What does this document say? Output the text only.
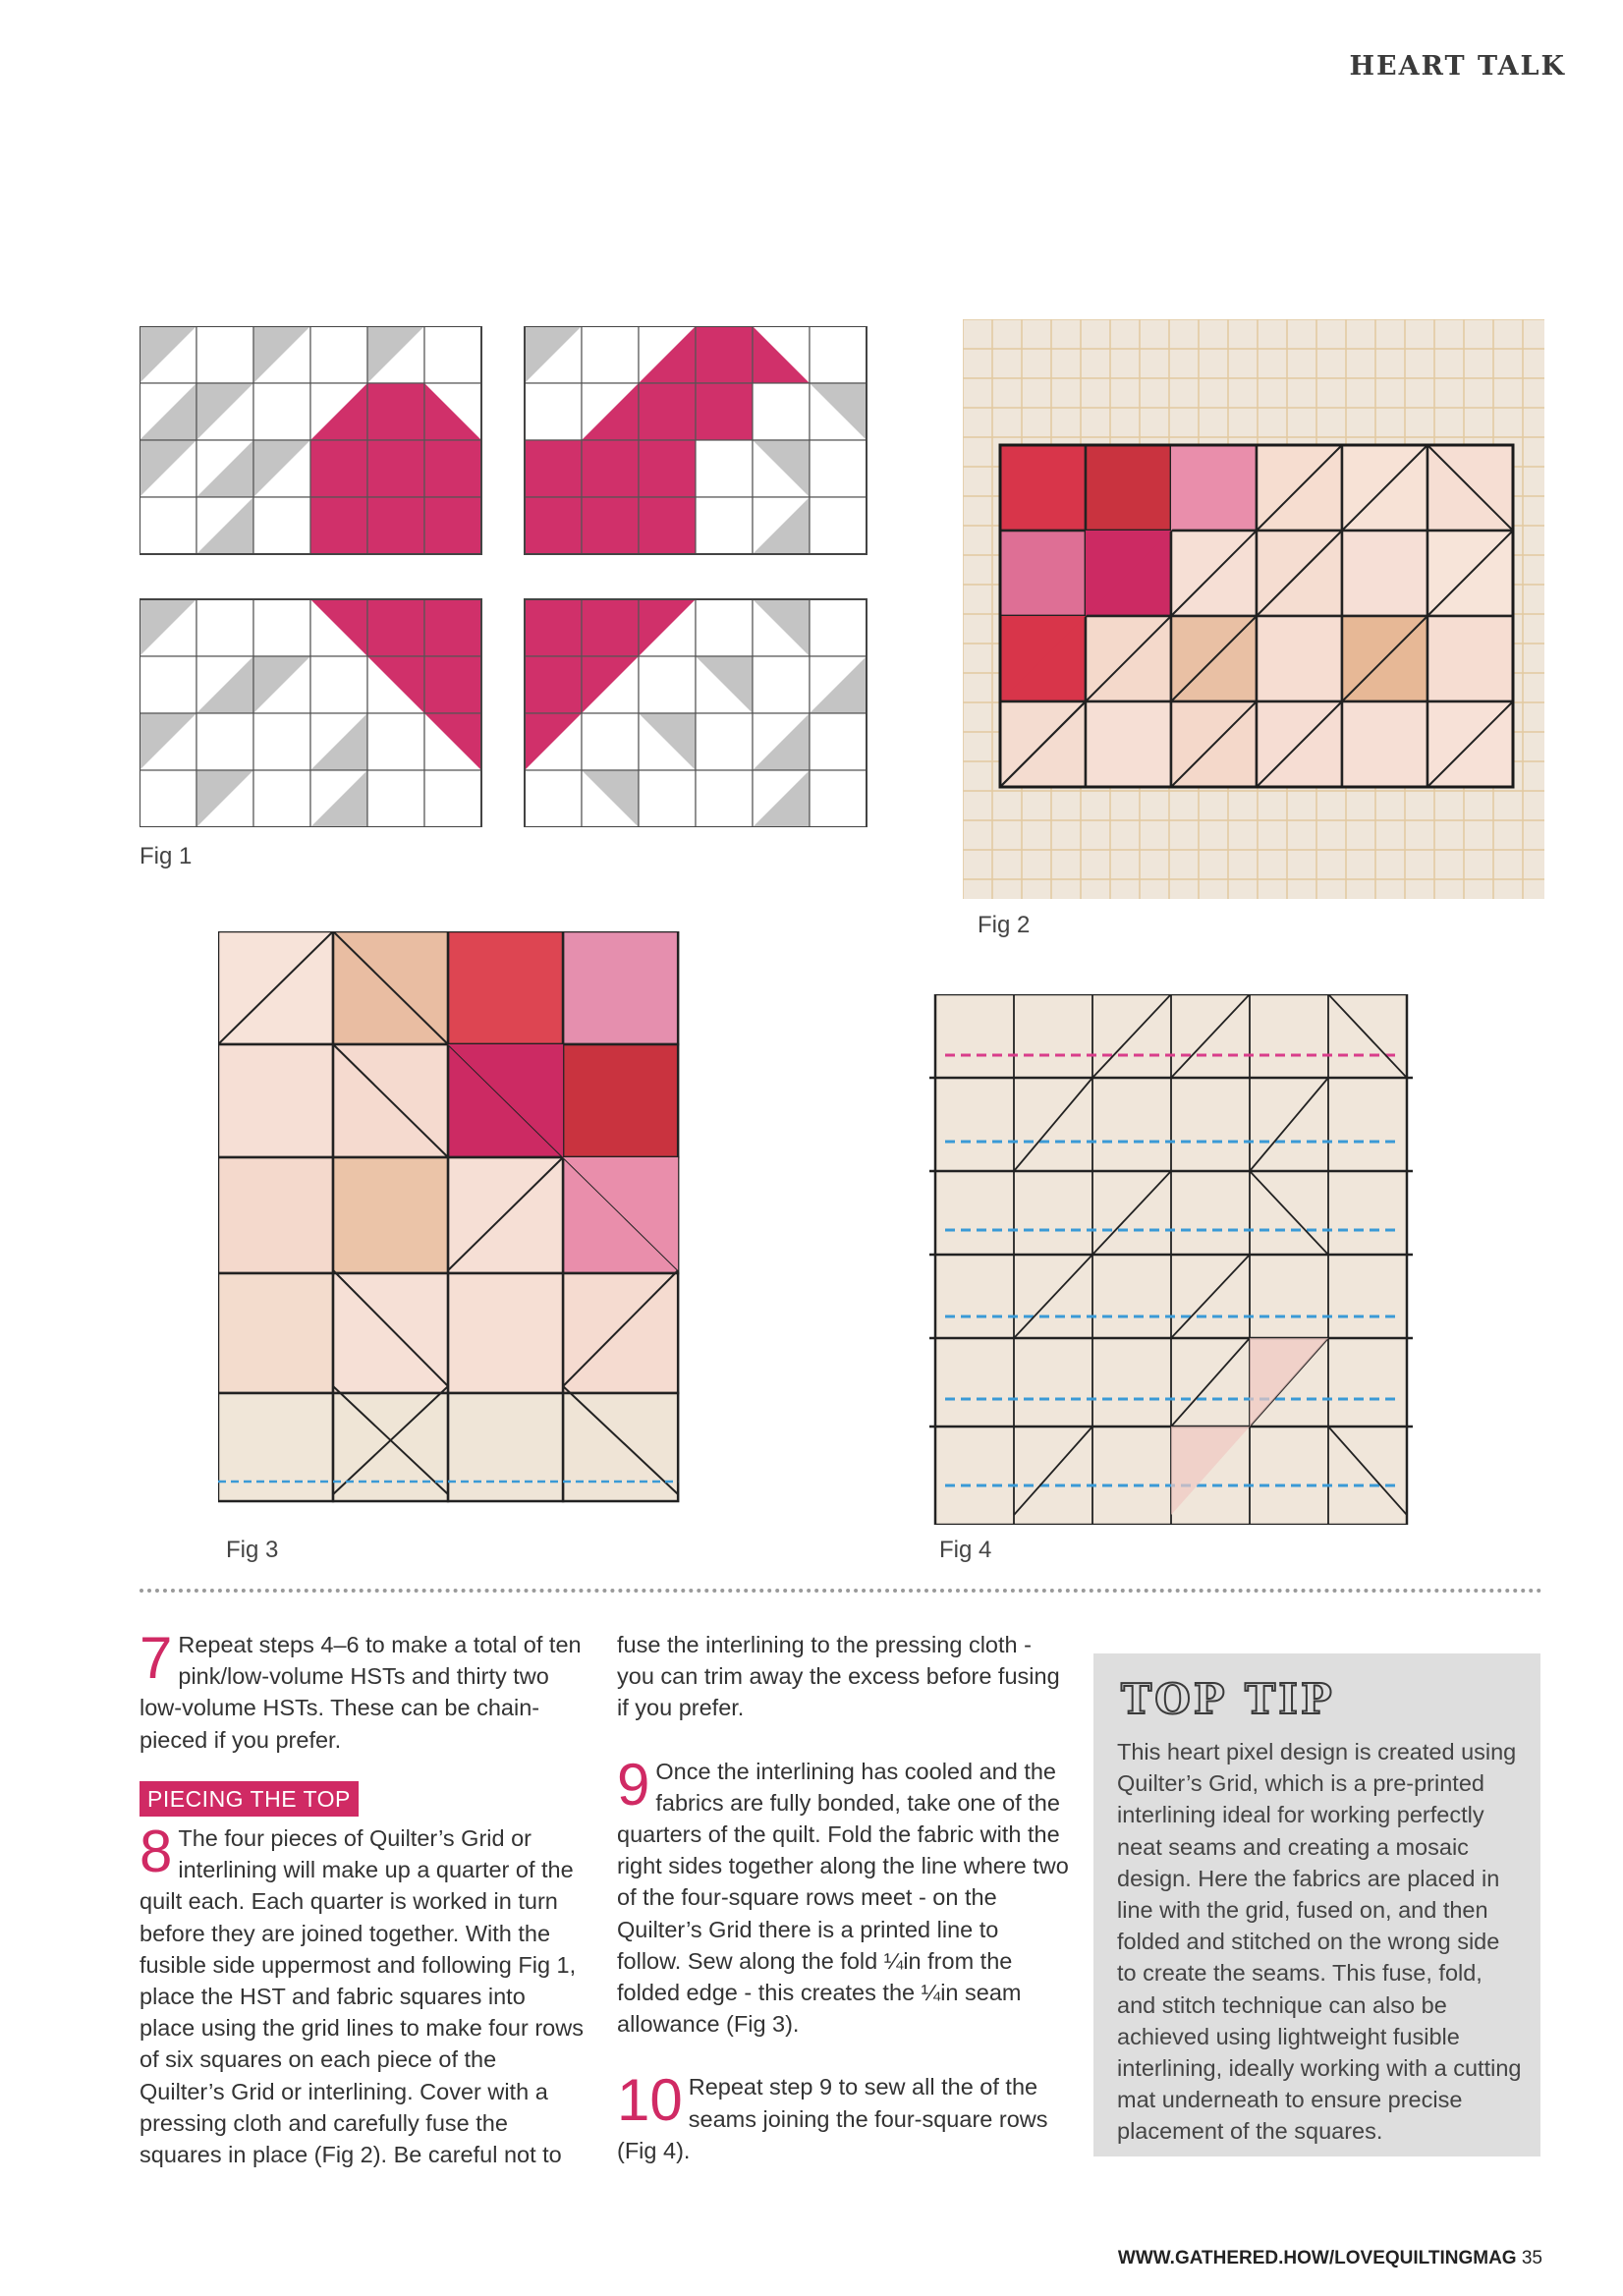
HEART TALK
Fig 1
Fig 2
Fig 3	Fig 4

7 Repeat steps 4–6 to make a total of ten pink/low-volume HSTs and thirty two low-volume HSTs. These can be chain-pieced if you prefer.

PIECING THE TOP

8 The four pieces of Quilter’s Grid or interlining will make up a quarter of the quilt each. Each quarter is worked in turn before they are joined together. With the fusible side uppermost and following Fig 1, place the HST and fabric squares into place using the grid lines to make four rows of six squares on each piece of the Quilter’s Grid or interlining. Cover with a pressing cloth and carefully fuse the squares in place (Fig 2). Be careful not to

fuse the interlining to the pressing cloth - you can trim away the excess before fusing if you prefer.

9 Once the interlining has cooled and the fabrics are fully bonded, take one of the quarters of the quilt. Fold the fabric with the right sides together along the line where two of the four-square rows meet - on the Quilter’s Grid there is a printed line to follow. Sew along the fold ¼in from the folded edge - this creates the ¼in seam allowance (Fig 3).

10 Repeat step 9 to sew all the of the seams joining the four-square rows (Fig 4).

TOP TIP
This heart pixel design is created using Quilter’s Grid, which is a pre-printed interlining ideal for working perfectly neat seams and creating a mosaic design. Here the fabrics are placed in line with the grid, fused on, and then folded and stitched on the wrong side to create the seams. This fuse, fold, and stitch technique can also be achieved using lightweight fusible interlining, ideally working with a cutting mat underneath to ensure precise placement of the squares.
WWW.GATHERED.HOW/LOVEQUILTINGMAG 35
